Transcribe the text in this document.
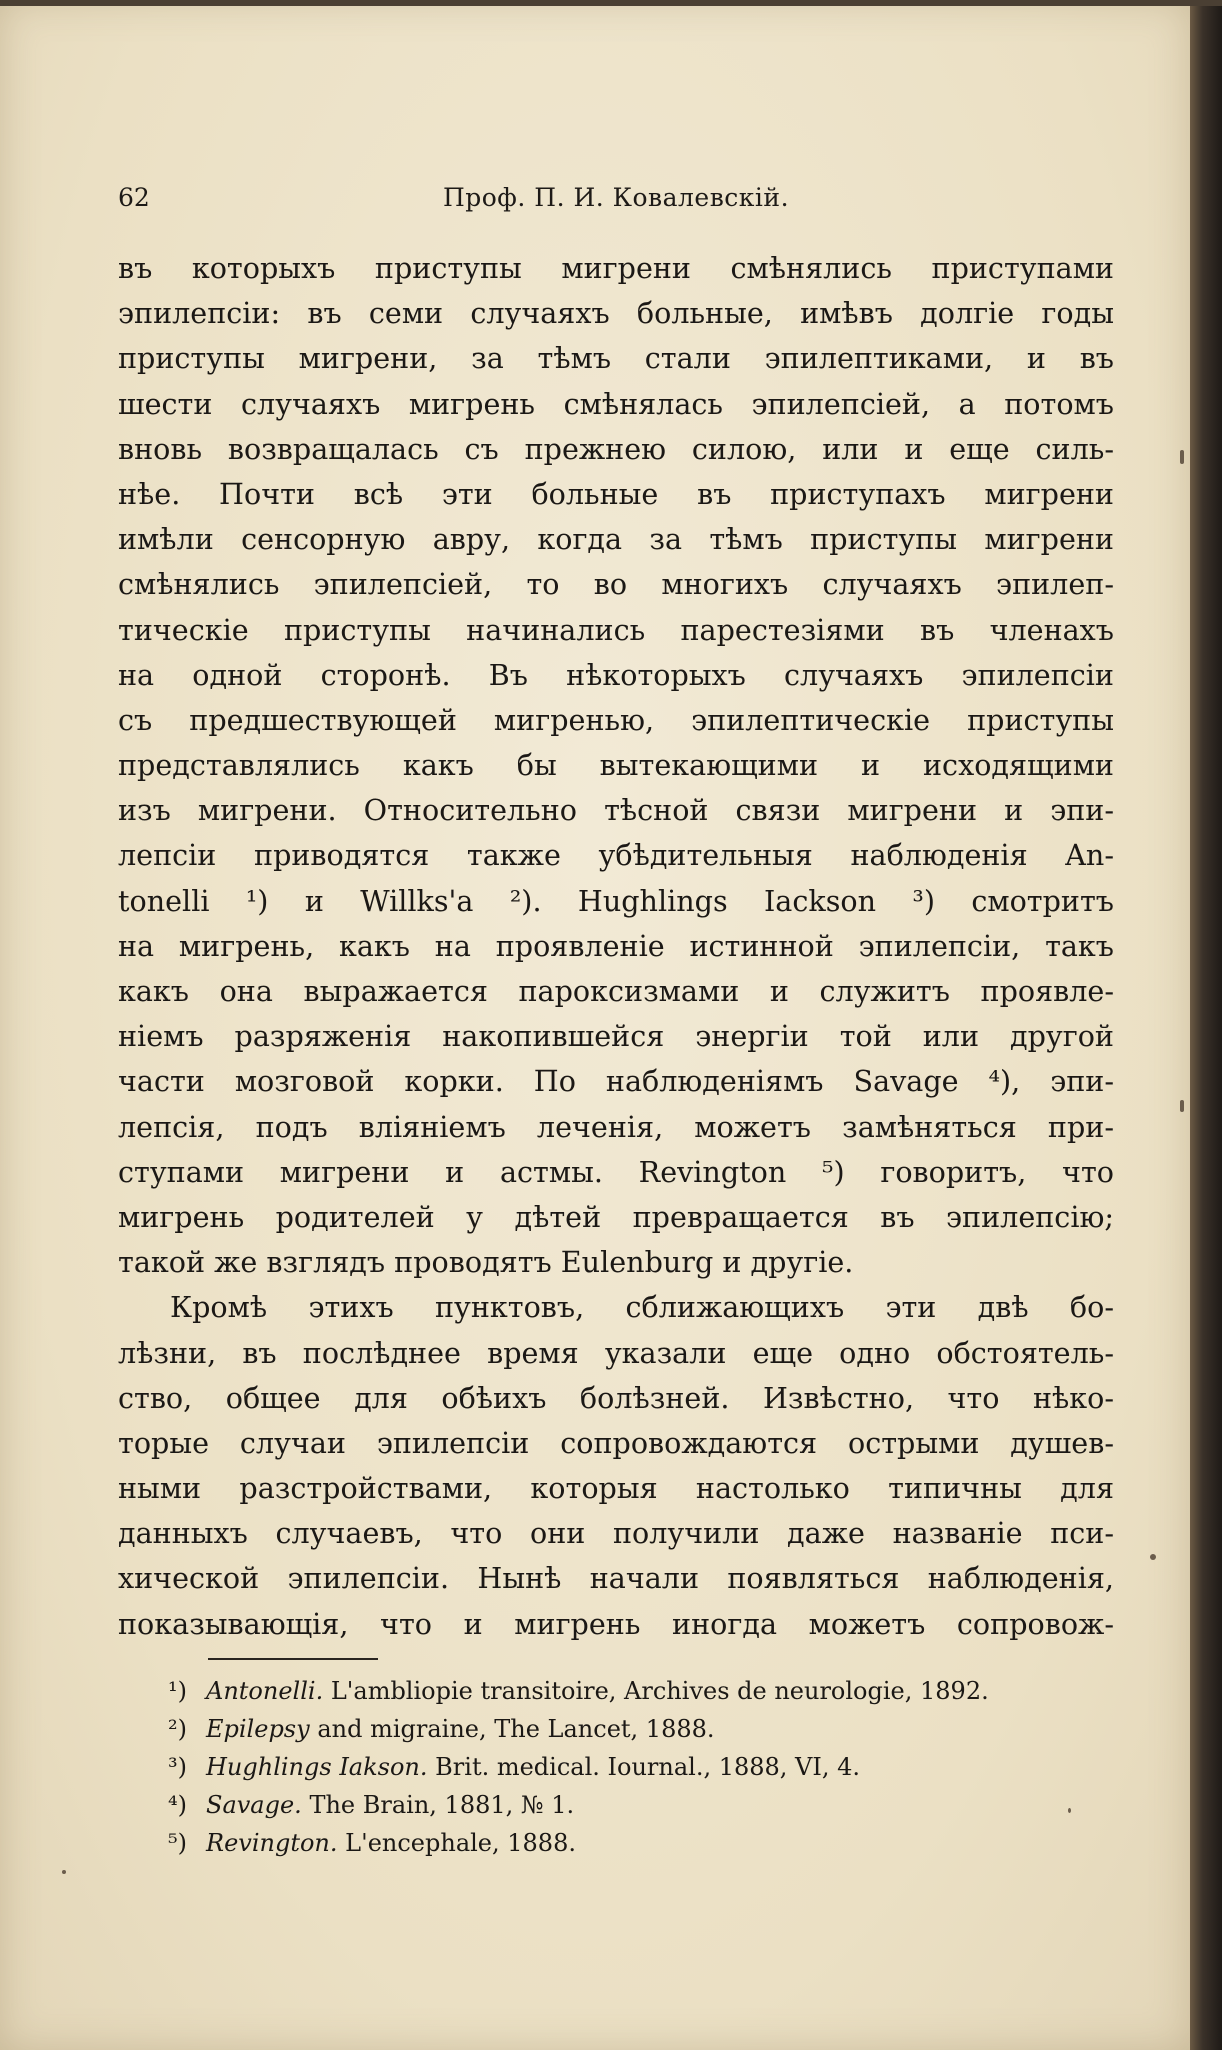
62	Проф. П. И. Ковалевскій.
въ которыхъ приступы мигрени смѣнялись приступами
эпилепсіи: въ семи случаяхъ больные, имѣвъ долгіе годы
приступы мигрени, за тѣмъ стали эпилептиками, и въ
шести случаяхъ мигрень смѣнялась эпилепсіей, а потомъ
вновь возвращалась съ прежнею силою, или и еще силь-
нѣе. Почти всѣ эти больные въ приступахъ мигрени
имѣли сенсорную авру, когда за тѣмъ приступы мигрени
смѣнялись эпилепсіей, то во многихъ случаяхъ эпилеп-
тическіе приступы начинались парестезіями въ членахъ
на одной сторонѣ. Въ нѣкоторыхъ случаяхъ эпилепсіи
съ предшествующей мигренью, эпилептическіе приступы
представлялись какъ бы вытекающими и исходящими
изъ мигрени. Относительно тѣсной связи мигрени и эпи-
лепсіи приводятся также убѣдительныя наблюденія An-
tonelli ¹) и Willks'a ²). Hughlings Iackson ³) смотритъ
на мигрень, какъ на проявленіе истинной эпилепсіи, такъ
какъ она выражается пароксизмами и служитъ проявле-
ніемъ разряженія накопившейся энергіи той или другой
части мозговой корки. По наблюденіямъ Savage ⁴), эпи-
лепсія, подъ вліяніемъ леченія, можетъ замѣняться при-
ступами мигрени и астмы. Revington ⁵) говоритъ, что
мигрень родителей у дѣтей превращается въ эпилепсію;
такой же взглядъ проводятъ Eulenburg и другіе.
Кромѣ этихъ пунктовъ, сближающихъ эти двѣ бо-
лѣзни, въ послѣднее время указали еще одно обстоятель-
ство, общее для обѣихъ болѣзней. Извѣстно, что нѣко-
торые случаи эпилепсіи сопровождаются острыми душев-
ными разстройствами, которыя настолько типичны для
данныхъ случаевъ, что они получили даже названіе пси-
хической эпилепсіи. Нынѣ начали появляться наблюденія,
показывающія, что и мигрень иногда можетъ сопровож-
¹) Antonelli. L'ambliopie transitoire, Archives de neurologie, 1892.
²) Epilepsy and migraine, The Lancet, 1888.
³) Hughlings Iakson. Brit. medical. Iournal., 1888, VI, 4.
⁴) Savage. The Brain, 1881, № 1.
⁵) Revington. L'encephale, 1888.
